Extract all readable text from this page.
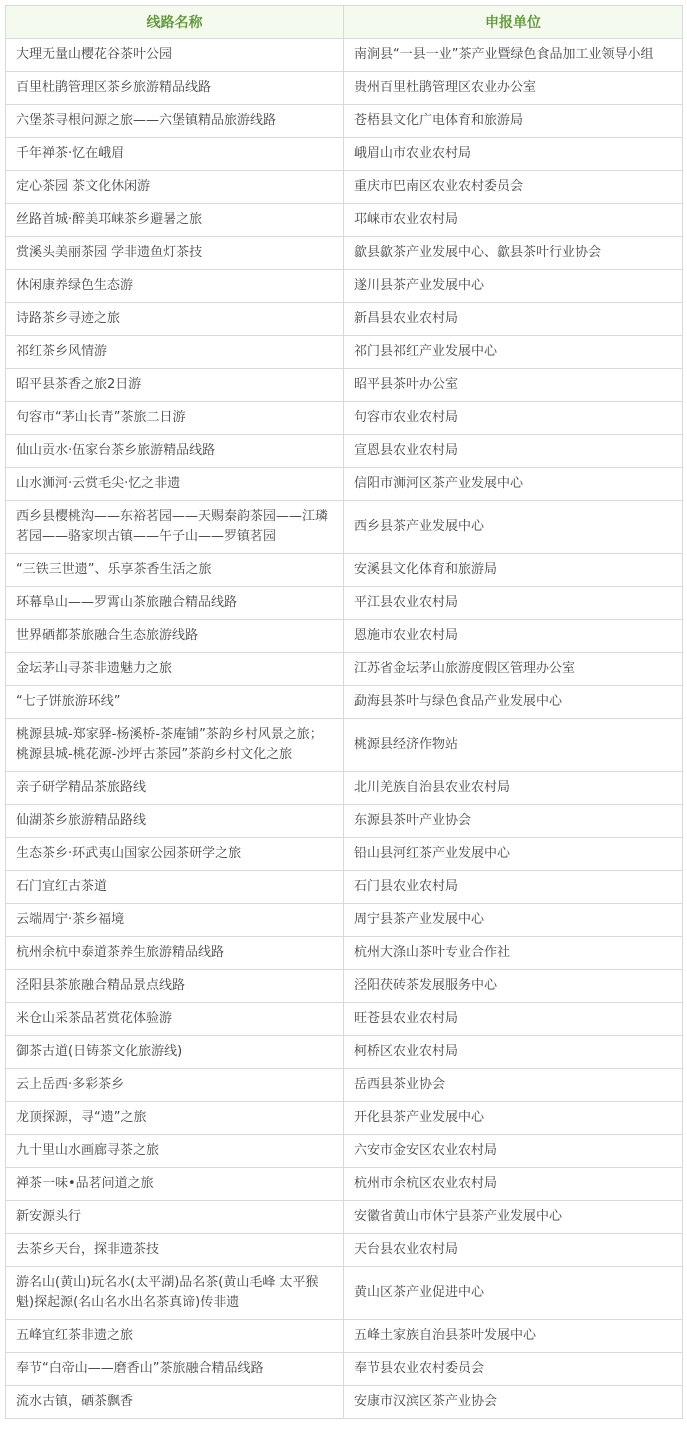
线路名称	申报单位
大理无量山樱花谷茶叶公园	南涧县“一县一业”茶产业暨绿色食品加工业领导小组
百里杜鹃管理区茶乡旅游精品线路	贵州百里杜鹃管理区农业办公室
六堡茶寻根问源之旅——六堡镇精品旅游线路	苍梧县文化广电体育和旅游局
千年禅茶·忆在峨眉	峨眉山市农业农村局
定心茶园 茶文化休闲游	重庆市巴南区农业农村委员会
丝路首城·醉美邛崃茶乡避暑之旅	邛崃市农业农村局
赏溪头美丽茶园 学非遗鱼灯茶技	歙县歙茶产业发展中心、歙县茶叶行业协会
休闲康养绿色生态游	遂川县茶产业发展中心
诗路茶乡寻迹之旅	新昌县农业农村局
祁红茶乡风情游	祁门县祁红产业发展中心
昭平县茶香之旅2日游	昭平县茶叶办公室
句容市“茅山长青”茶旅二日游	句容市农业农村局
仙山贡水·伍家台茶乡旅游精品线路	宣恩县农业农村局
山水浉河·云赏毛尖·忆之非遗	信阳市浉河区茶产业发展中心
西乡县樱桃沟——东裕茗园——天赐秦韵茶园——江璘茗园——骆家坝古镇——午子山——罗镇茗园	西乡县茶产业发展中心
“三铁三世遗”、乐享茶香生活之旅	安溪县文化体育和旅游局
环幕阜山——罗霄山茶旅融合精品线路	平江县农业农村局
世界硒都茶旅融合生态旅游线路	恩施市农业农村局
金坛茅山寻茶非遗魅力之旅	江苏省金坛茅山旅游度假区管理办公室
“七子饼旅游环线”	勐海县茶叶与绿色食品产业发展中心
桃源县城-郑家驿-杨溪桥-茶庵铺”茶韵乡村风景之旅；桃源县城-桃花源-沙坪古茶园”茶韵乡村文化之旅	桃源县经济作物站
亲子研学精品茶旅路线	北川羌族自治县农业农村局
仙湖茶乡旅游精品路线	东源县茶叶产业协会
生态茶乡·环武夷山国家公园茶研学之旅	铅山县河红茶产业发展中心
石门宜红古茶道	石门县农业农村局
云端周宁·茶乡福境	周宁县茶产业发展中心
杭州余杭中泰道茶养生旅游精品线路	杭州大涤山茶叶专业合作社
泾阳县茶旅融合精品景点线路	泾阳茯砖茶发展服务中心
米仓山采茶品茗赏花体验游	旺苍县农业农村局
御茶古道(日铸茶文化旅游线)	柯桥区农业农村局
云上岳西·多彩茶乡	岳西县茶业协会
龙顶探源，寻“遗”之旅	开化县茶产业发展中心
九十里山水画廊寻茶之旅	六安市金安区农业农村局
禅茶一味•品茗问道之旅	杭州市余杭区农业农村局
新安源头行	安徽省黄山市休宁县茶产业发展中心
去茶乡天台，探非遗茶技	天台县农业农村局
游名山(黄山)玩名水(太平湖)品名茶(黄山毛峰 太平猴魁)探起源(名山名水出名茶真谛)传非遗	黄山区茶产业促进中心
五峰宜红茶非遗之旅	五峰土家族自治县茶叶发展中心
奉节“白帝山——磨香山”茶旅融合精品线路	奉节县农业农村委员会
流水古镇，硒茶飘香	安康市汉滨区茶产业协会
